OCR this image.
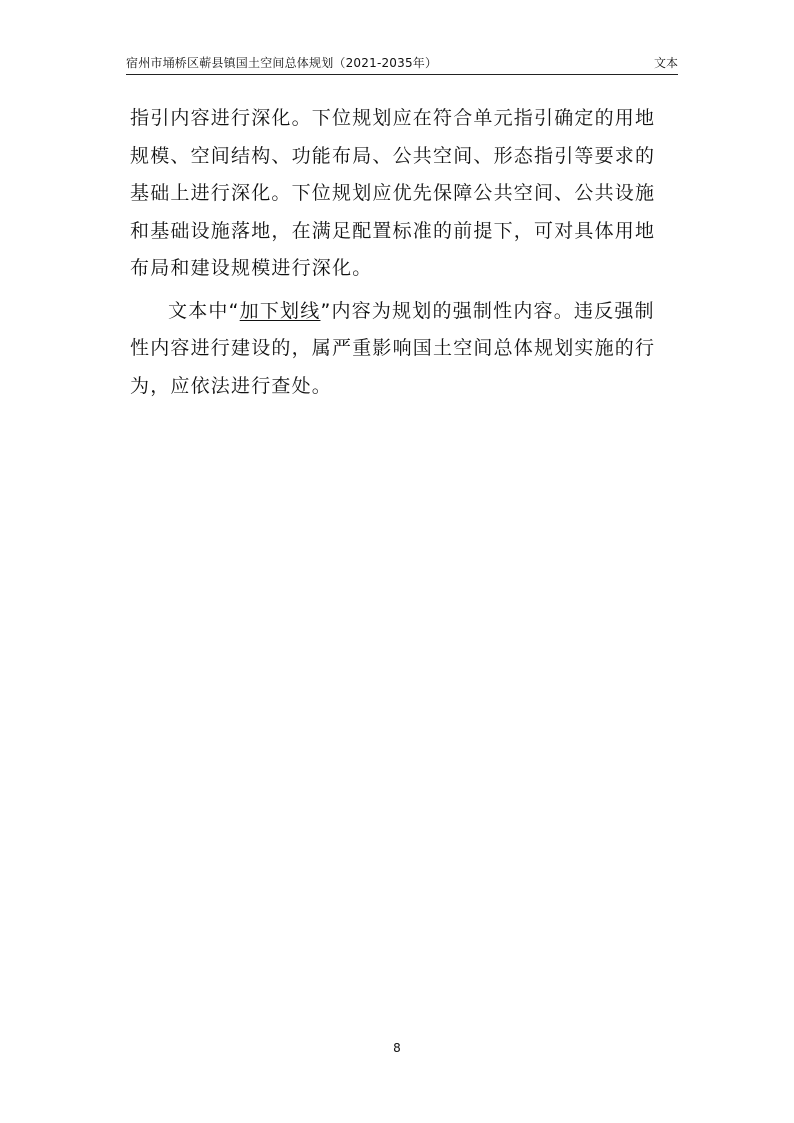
宿州市埇桥区蕲县镇国土空间总体规划（2021-2035年）	文本

指引内容进行深化。下位规划应在符合单元指引确定的用地规模、空间结构、功能布局、公共空间、形态指引等要求的基础上进行深化。下位规划应优先保障公共空间、公共设施和基础设施落地，在满足配置标准的前提下，可对具体用地布局和建设规模进行深化。

文本中“加下划线”内容为规划的强制性内容。违反强制性内容进行建设的，属严重影响国土空间总体规划实施的行为，应依法进行查处。

8
